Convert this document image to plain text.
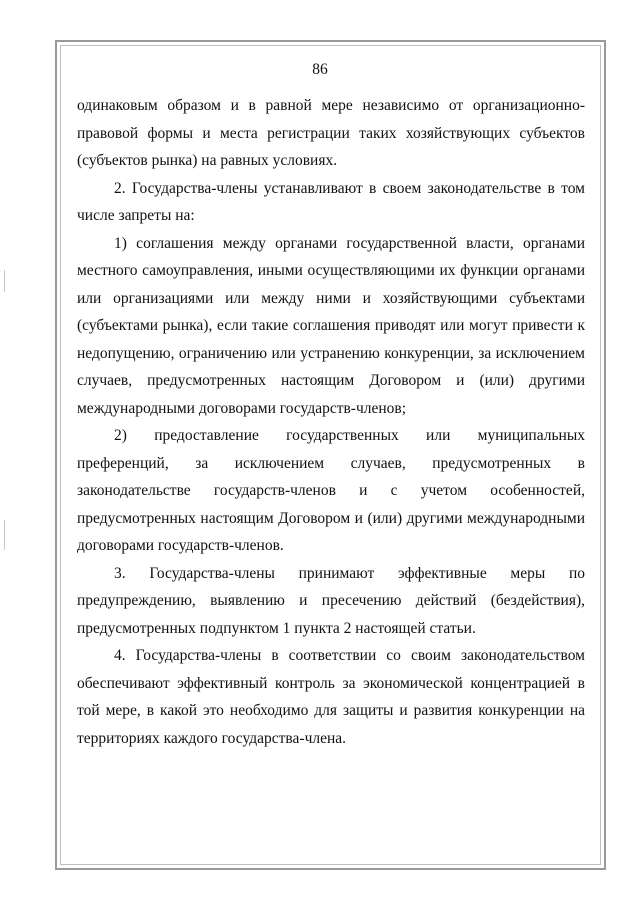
86

одинаковым образом и в равной мере независимо от организационно-правовой формы и места регистрации таких хозяйствующих субъектов (субъектов рынка) на равных условиях.

2. Государства-члены устанавливают в своем законодательстве в том числе запреты на:

1) соглашения между органами государственной власти, органами местного самоуправления, иными осуществляющими их функции органами или организациями или между ними и хозяйствующими субъектами (субъектами рынка), если такие соглашения приводят или могут привести к недопущению, ограничению или устранению конкуренции, за исключением случаев, предусмотренных настоящим Договором и (или) другими международными договорами государств-членов;

2) предоставление государственных или муниципальных преференций, за исключением случаев, предусмотренных в законодательстве государств-членов и с учетом особенностей, предусмотренных настоящим Договором и (или) другими международными договорами государств-членов.

3. Государства-члены принимают эффективные меры по предупреждению, выявлению и пресечению действий (бездействия), предусмотренных подпунктом 1 пункта 2 настоящей статьи.

4. Государства-члены в соответствии со своим законодательством обеспечивают эффективный контроль за экономической концентрацией в той мере, в какой это необходимо для защиты и развития конкуренции на территориях каждого государства-члена.
